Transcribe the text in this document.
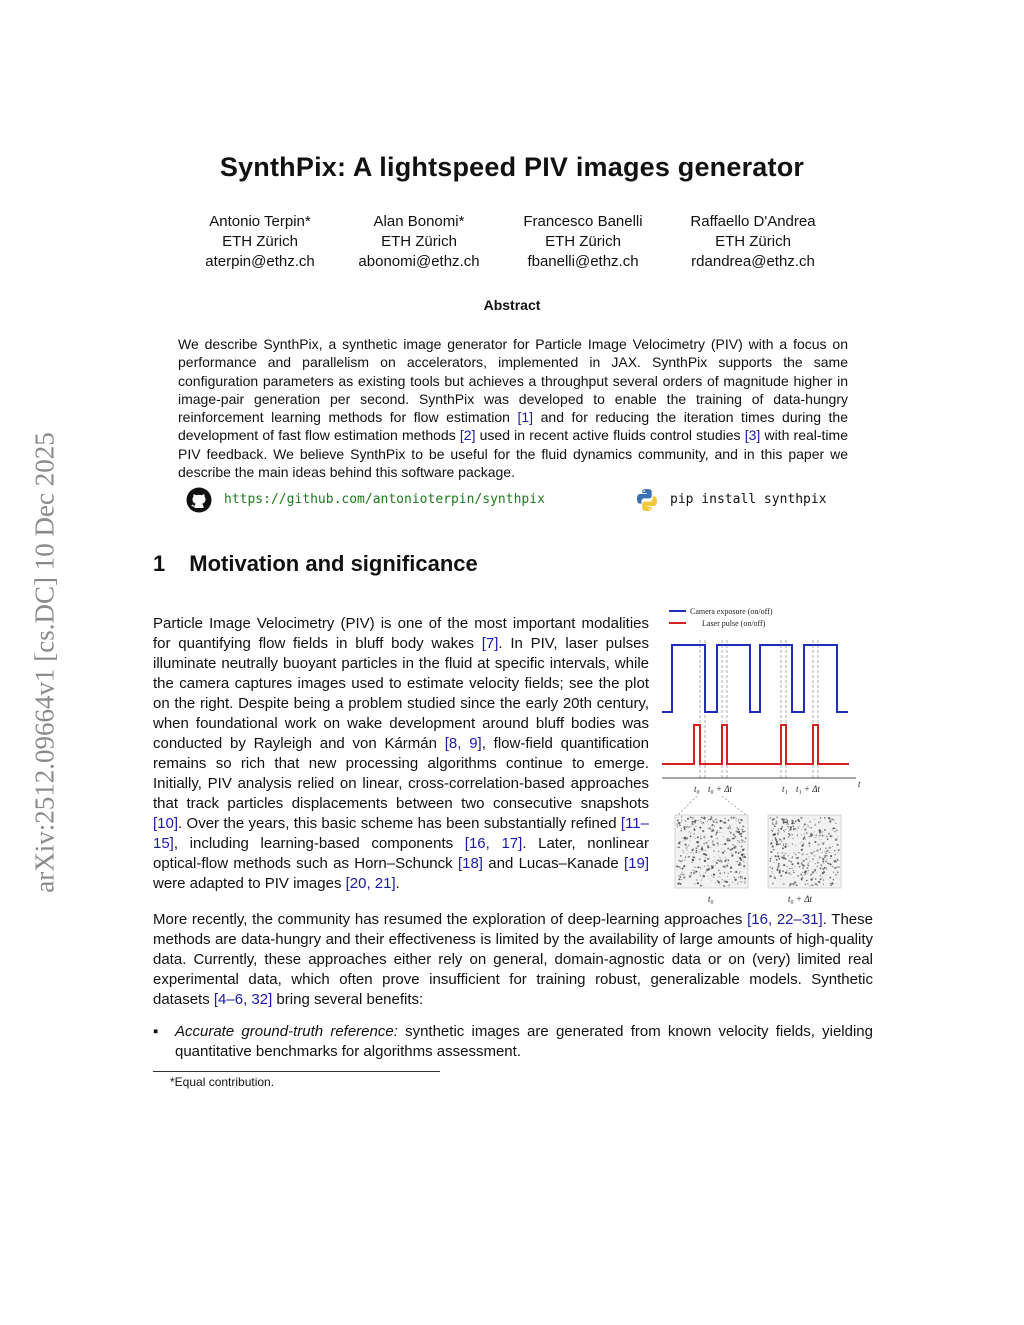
arXiv:2512.09664v1 [cs.DC] 10 Dec 2025
SynthPix: A lightspeed PIV images generator
Antonio Terpin*
ETH Zürich
aterpin@ethz.ch
Alan Bonomi*
ETH Zürich
abonomi@ethz.ch
Francesco Banelli
ETH Zürich
fbanelli@ethz.ch
Raffaello D'Andrea
ETH Zürich
rdandrea@ethz.ch
Abstract
We describe SynthPix, a synthetic image generator for Particle Image Velocimetry (PIV) with a focus on performance and parallelism on accelerators, implemented in JAX. SynthPix supports the same configuration parameters as existing tools but achieves a throughput several orders of magnitude higher in image-pair generation per second. SynthPix was developed to enable the training of data-hungry reinforcement learning methods for flow estimation [1] and for reducing the iteration times during the development of fast flow estimation methods [2] used in recent active fluids control studies [3] with real-time PIV feedback. We believe SynthPix to be useful for the fluid dynamics community, and in this paper we describe the main ideas behind this software package.
https://github.com/antonioterpin/synthpix	pip install synthpix
1 Motivation and significance
Particle Image Velocimetry (PIV) is one of the most important modalities for quantifying flow fields in bluff body wakes [7]. In PIV, laser pulses illuminate neutrally buoyant particles in the fluid at specific intervals, while the camera captures images used to estimate velocity fields; see the plot on the right. Despite being a problem studied since the early 20th century, when foundational work on wake development around bluff bodies was conducted by Rayleigh and von Kármán [8, 9], flow-field quantification remains so rich that new processing algorithms continue to emerge. Initially, PIV analysis relied on linear, cross-correlation-based approaches that track particles displacements between two consecutive snapshots [10]. Over the years, this basic scheme has been substantially refined [11–15], including learning-based components [16, 17]. Later, nonlinear optical-flow methods such as Horn–Schunck [18] and Lucas–Kanade [19] were adapted to PIV images [20, 21].
Camera exposure (on/off)
Laser pulse (on/off)
t₀ t₀ + Δt	t₁ t₁ + Δt	t
t₀	t₀ + Δt
More recently, the community has resumed the exploration of deep-learning approaches [16, 22–31]. These methods are data-hungry and their effectiveness is limited by the availability of large amounts of high-quality data. Currently, these approaches either rely on general, domain-agnostic data or on (very) limited real experimental data, which often prove insufficient for training robust, generalizable models. Synthetic datasets [4–6, 32] bring several benefits:
▪ Accurate ground-truth reference: synthetic images are generated from known velocity fields, yielding quantitative benchmarks for algorithms assessment.
*Equal contribution.
